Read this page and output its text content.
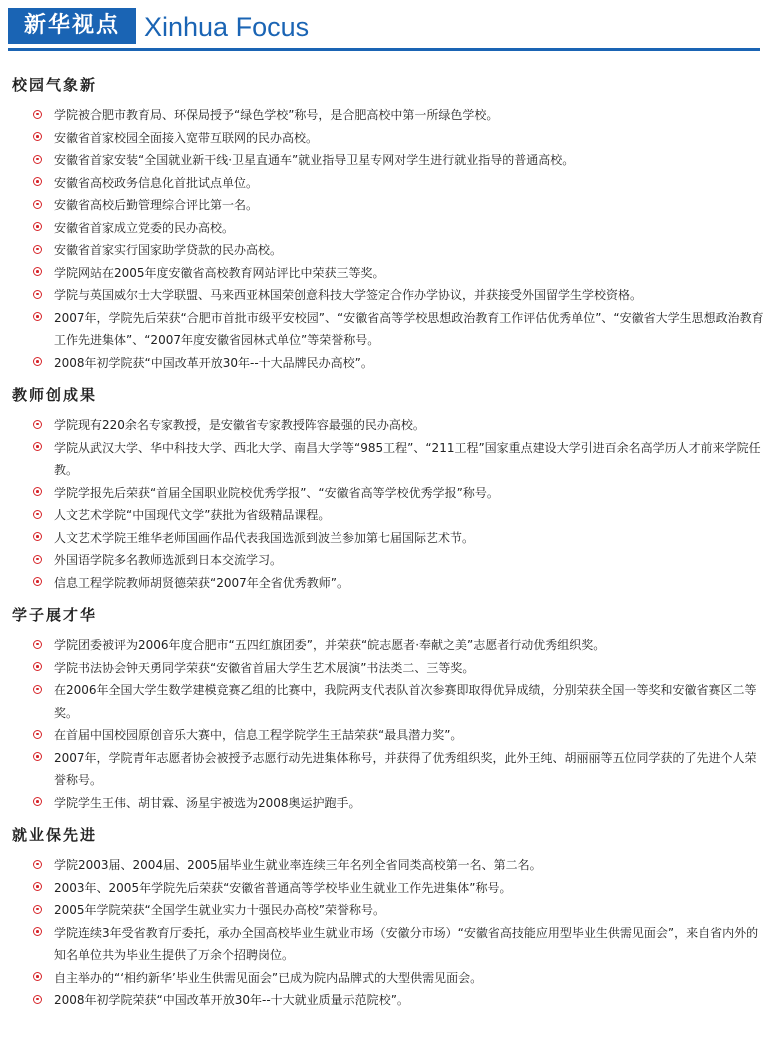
新华视点 Xinhua Focus
校园气象新
学院被合肥市教育局、环保局授予“绿色学校”称号，是合肥高校中第一所绿色学校。
安徽省首家校园全面接入宽带互联网的民办高校。
安徽省首家安装“全国就业新干线·卫星直通车”就业指导卫星专网对学生进行就业指导的普通高校。
安徽省高校政务信息化首批试点单位。
安徽省高校后勤管理综合评比第一名。
安徽省首家成立党委的民办高校。
安徽省首家实行国家助学贷款的民办高校。
学院网站在2005年度安徽省高校教育网站评比中荣获三等奖。
学院与英国威尔士大学联盟、马来西亚林国荣创意科技大学签定合作办学协议，并获接受外国留学生学校资格。
2007年，学院先后荣获“合肥市首批市级平安校园”、“安徽省高等学校思想政治教育工作评估优秀单位”、“安徽省大学生思想政治教育工作先进集体”、“2007年度安徽省园林式单位”等荣誉称号。
2008年初学院获“中国改革开放30年--十大品牌民办高校”。
教师创成果
学院现有220余名专家教授，是安徽省专家教授阵容最强的民办高校。
学院从武汉大学、华中科技大学、西北大学、南昌大学等“985工程”、“211工程”国家重点建设大学引进百余名高学历人才前来学院任教。
学院学报先后荣获“首届全国职业院校优秀学报”、“安徽省高等学校优秀学报”称号。
人文艺术学院“中国现代文学”获批为省级精品课程。
人文艺术学院王维华老师国画作品代表我国选派到波兰参加第七届国际艺术节。
外国语学院多名教师选派到日本交流学习。
信息工程学院教师胡贤德荣获“2007年全省优秀教师”。
学子展才华
学院团委被评为2006年度合肥市“五四红旗团委”，并荣获“皖志愿者·奉献之美”志愿者行动优秀组织奖。
学院书法协会钟天勇同学荣获“安徽省首届大学生艺术展演”书法类二、三等奖。
在2006年全国大学生数学建模竞赛乙组的比赛中，我院两支代表队首次参赛即取得优异成绩，分别荣获全国一等奖和安徽省赛区二等奖。
在首届中国校园原创音乐大赛中，信息工程学院学生王喆荣获“最具潜力奖”。
2007年，学院青年志愿者协会被授予志愿行动先进集体称号，并获得了优秀组织奖，此外王纯、胡丽丽等五位同学获的了先进个人荣誉称号。
学院学生王伟、胡甘霖、汤星宇被选为2008奥运护跑手。
就业保先进
学院2003届、2004届、2005届毕业生就业率连续三年名列全省同类高校第一名、第二名。
2003年、2005年学院先后荣获“安徽省普通高等学校毕业生就业工作先进集体”称号。
2005年学院荣获“全国学生就业实力十强民办高校”荣誉称号。
学院连续3年受省教育厅委托，承办全国高校毕业生就业市场（安徽分市场）“安徽省高技能应用型毕业生供需见面会”，来自省内外的知名单位共为毕业生提供了万余个招聘岗位。
自主举办的“‘相约新华’毕业生供需见面会”已成为院内品牌式的大型供需见面会。
2008年初学院荣获“中国改革开放30年--十大就业质量示范院校”。
